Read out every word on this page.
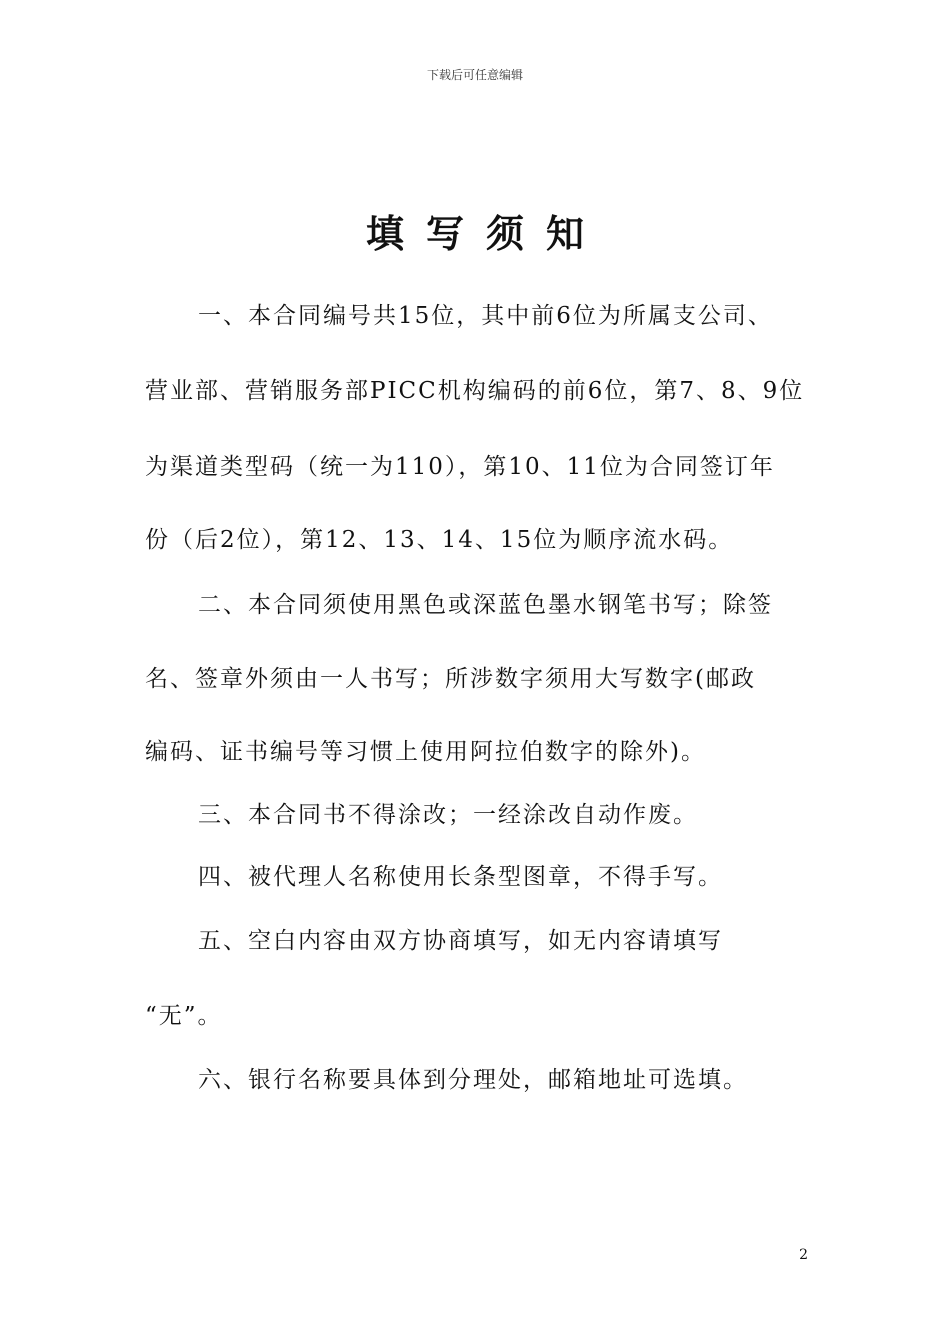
下载后可任意编辑
填写须知
一、本合同编号共15位，其中前6位为所属支公司、
营业部、营销服务部PICC机构编码的前6位，第7、8、9位
为渠道类型码（统一为110），第10、11位为合同签订年
份（后2位），第12、13、14、15位为顺序流水码。
二、本合同须使用黑色或深蓝色墨水钢笔书写；除签
名、签章外须由一人书写；所涉数字须用大写数字(邮政
编码、证书编号等习惯上使用阿拉伯数字的除外)。
三、本合同书不得涂改；一经涂改自动作废。
四、被代理人名称使用长条型图章，不得手写。
五、空白内容由双方协商填写，如无内容请填写
“无”。
六、银行名称要具体到分理处，邮箱地址可选填。
2
